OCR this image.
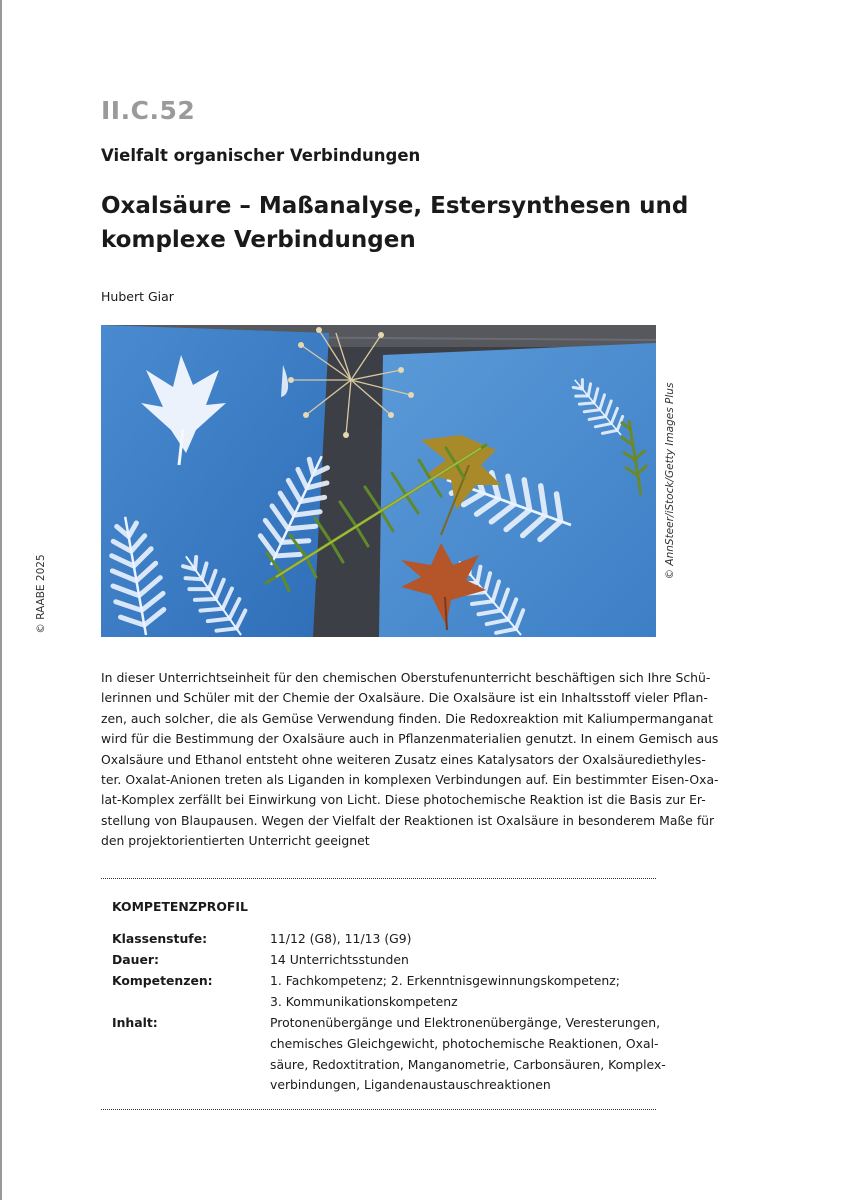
II.C.52
Vielfalt organischer Verbindungen
Oxalsäure – Maßanalyse, Estersynthesen und
komplexe Verbindungen
Hubert Giar
© AnnSteer/iStock/Getty Images Plus
© RAABE 2025
In dieser Unterrichtseinheit für den chemischen Oberstufenunterricht beschäftigen sich Ihre Schü-
lerinnen und Schüler mit der Chemie der Oxalsäure. Die Oxalsäure ist ein Inhaltsstoff vieler Pflan-
zen, auch solcher, die als Gemüse Verwendung finden. Die Redoxreaktion mit Kaliumpermanganat
wird für die Bestimmung der Oxalsäure auch in Pflanzenmaterialien genutzt. In einem Gemisch aus
Oxalsäure und Ethanol entsteht ohne weiteren Zusatz eines Katalysators der Oxalsäurediethyles-
ter. Oxalat-Anionen treten als Liganden in komplexen Verbindungen auf. Ein bestimmter Eisen-Oxa-
lat-Komplex zerfällt bei Einwirkung von Licht. Diese photochemische Reaktion ist die Basis zur Er-
stellung von Blaupausen. Wegen der Vielfalt der Reaktionen ist Oxalsäure in besonderem Maße für
den projektorientierten Unterricht geeignet
KOMPETENZPROFIL
Klassenstufe:	11/12 (G8), 11/13 (G9)
Dauer:	14 Unterrichtsstunden
Kompetenzen:	1. Fachkompetenz; 2. Erkenntnisgewinnungskompetenz;
3. Kommunikationskompetenz
Inhalt:	Protonenübergänge und Elektronenübergänge, Veresterungen,
chemisches Gleichgewicht, photochemische Reaktionen, Oxal-
säure, Redoxtitration, Manganometrie, Carbonsäuren, Komplex-
verbindungen, Ligandenaustauschreaktionen
